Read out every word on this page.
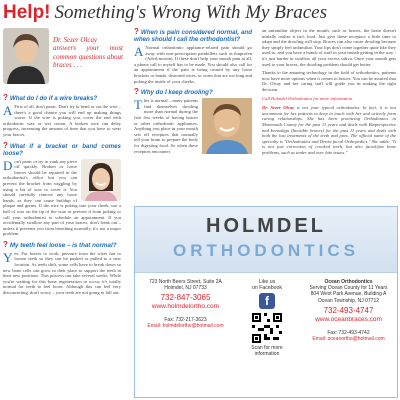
Help! Something's Wrong With My Braces
Dr. Sezer Olcay
answers your most common questions about braces . . .
? What do I do if a wire breaks?

A First of all, don't panic. Don't try to bend or cut the wire – there's a good chance you will end up making things worse. If the wire is poking you, cover the end with orthodontic wax or wet cotton. A broken wire can delay progress, increasing the amount of time that you have to wear your braces.

? What if a bracket or band comes loose?

Don't panic or try to yank any piece off quickly. Broken or loose braces should be repaired in the orthodontist's office but you can prevent the bracket from wiggling by using a bit of wax to cover it. You should carefully remove any loose bands, as they can cause buildup of plaque and germs. If the wire is poking into your cheek, use a ball of wax on the tip of the wire or prevent it from poking or call your orthodontist to schedule an appointment. If you accidentally swallow any part of your braces, don't freak out – unless it prevents you from breathing normally, it's not a major problem.

? My teeth feel loose – is that normal?

Yes. For braces to work, pressure from the wires has to loosen teeth so they can be pushed or pulled to a new location. As teeth shift, some cells have to break down so new bone cells can grow in their place to support the teeth in their new positions. This process can take several weeks. While you're waiting for this bone regeneration to occur, it's totally normal for teeth to feel loose. Although this can feel very disconcerting, don't worry – your teeth are not going to fall out.

? When is pain considered normal, and when should I call the orthodontist?

A Normal orthodontic appliance-related pain should go away with non-prescription painkillers such as ibuprofen (Advil/motrin). If these don't help your mouth pain at all, a phone call to myself has to be made. You should also call for an appointment if the pain is being caused by any loose brackets or bands, distorted wires, or wires that are too long and poking the inside of your cheeks.

? Why do I keep drooling?

This is normal – many patients find themselves drooling more than normal during the first few weeks of having braces or other orthodontic appliances. Anything you place in your mouth sets off receptors that normally tell your brain to prepare the body for digesting food. So when these receptors encounter

an unfamiliar object in the mouth, such as braces, the brain doesn't initially realize it isn't food. Just give these receptors a little time to adapt and the drooling will stop. Braces can also cause drooling because they simply feel unfamiliar. Your lips don't come together quite like they used to, and you have a bunch of stuff in your mouth getting in the way - it's just harder to swallow all your excess saliva. Once your mouth gets used to your braces, the drooling problem should get better.

Thanks to the amazing technology in the field of orthodontics, patients now have more options when it comes to braces. You can be assured that Dr. Olcay and her caring staff will guide you in making the right decision.

Call Holmdel Orthodontics for more information.

Dr. Sezer Olcay is not your typical orthodontist. In fact, it is not uncommon for her patients to keep in touch with her and actively form caring relationships. She has been practicing Orthodontics in Monmouth County for the past 11 years and deals with Bioperspective and Invisalign (Invisible braces) for the past 11 years and deals with both the lost treatments of the teeth and jaws. The official name of the specialty is "Orthodontics and Dento-facial Orthopedics." She adds: "It is not just correction of crooked teeth, but also facial/jaw bone problems, such as under and over bite issues."

HOLMDEL
ORTHODONTICS
723 North Beers Street, Suite 2A
Holmdel, NJ 07733
732-847-3065
www.holmdelortho.com
Fax: 732-217-3623
Email: holmdelortho@hotmail.com
Like us
on Facebook
f
Scan for more information
Ocean Orthodontics
Serving Ocean County for 11 Years
804 West Park Avenue, Building A
Ocean Township, NJ 07712
732-493-4747
www.oceanbraces.com
Fax: 732-493-4742
Email: oceanortho@hotmail.com
